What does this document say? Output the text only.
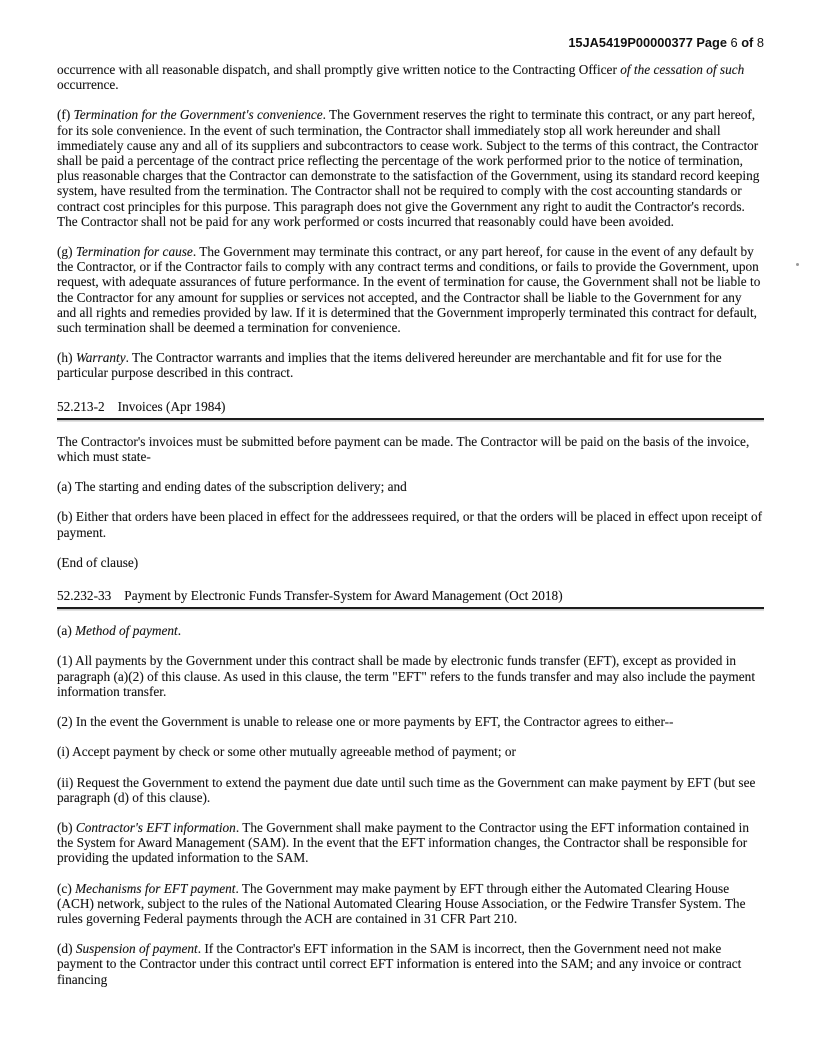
15JA5419P00000377 Page 6 of 8

occurrence with all reasonable dispatch, and shall promptly give written notice to the Contracting Officer of the cessation of such occurrence.

(f) Termination for the Government's convenience. The Government reserves the right to terminate this contract, or any part hereof, for its sole convenience. In the event of such termination, the Contractor shall immediately stop all work hereunder and shall immediately cause any and all of its suppliers and subcontractors to cease work. Subject to the terms of this contract, the Contractor shall be paid a percentage of the contract price reflecting the percentage of the work performed prior to the notice of termination, plus reasonable charges that the Contractor can demonstrate to the satisfaction of the Government, using its standard record keeping system, have resulted from the termination. The Contractor shall not be required to comply with the cost accounting standards or contract cost principles for this purpose. This paragraph does not give the Government any right to audit the Contractor's records. The Contractor shall not be paid for any work performed or costs incurred that reasonably could have been avoided.

(g) Termination for cause. The Government may terminate this contract, or any part hereof, for cause in the event of any default by the Contractor, or if the Contractor fails to comply with any contract terms and conditions, or fails to provide the Government, upon request, with adequate assurances of future performance. In the event of termination for cause, the Government shall not be liable to the Contractor for any amount for supplies or services not accepted, and the Contractor shall be liable to the Government for any and all rights and remedies provided by law. If it is determined that the Government improperly terminated this contract for default, such termination shall be deemed a termination for convenience.

(h) Warranty. The Contractor warrants and implies that the items delivered hereunder are merchantable and fit for use for the particular purpose described in this contract.

52.213-2 Invoices (Apr 1984)

The Contractor's invoices must be submitted before payment can be made. The Contractor will be paid on the basis of the invoice, which must state-

(a) The starting and ending dates of the subscription delivery; and

(b) Either that orders have been placed in effect for the addressees required, or that the orders will be placed in effect upon receipt of payment.

(End of clause)

52.232-33 Payment by Electronic Funds Transfer-System for Award Management (Oct 2018)

(a) Method of payment.

(1) All payments by the Government under this contract shall be made by electronic funds transfer (EFT), except as provided in paragraph (a)(2) of this clause. As used in this clause, the term "EFT" refers to the funds transfer and may also include the payment information transfer.

(2) In the event the Government is unable to release one or more payments by EFT, the Contractor agrees to either--

(i) Accept payment by check or some other mutually agreeable method of payment; or

(ii) Request the Government to extend the payment due date until such time as the Government can make payment by EFT (but see paragraph (d) of this clause).

(b) Contractor's EFT information. The Government shall make payment to the Contractor using the EFT information contained in the System for Award Management (SAM). In the event that the EFT information changes, the Contractor shall be responsible for providing the updated information to the SAM.

(c) Mechanisms for EFT payment. The Government may make payment by EFT through either the Automated Clearing House (ACH) network, subject to the rules of the National Automated Clearing House Association, or the Fedwire Transfer System. The rules governing Federal payments through the ACH are contained in 31 CFR Part 210.

(d) Suspension of payment. If the Contractor's EFT information in the SAM is incorrect, then the Government need not make payment to the Contractor under this contract until correct EFT information is entered into the SAM; and any invoice or contract financing
